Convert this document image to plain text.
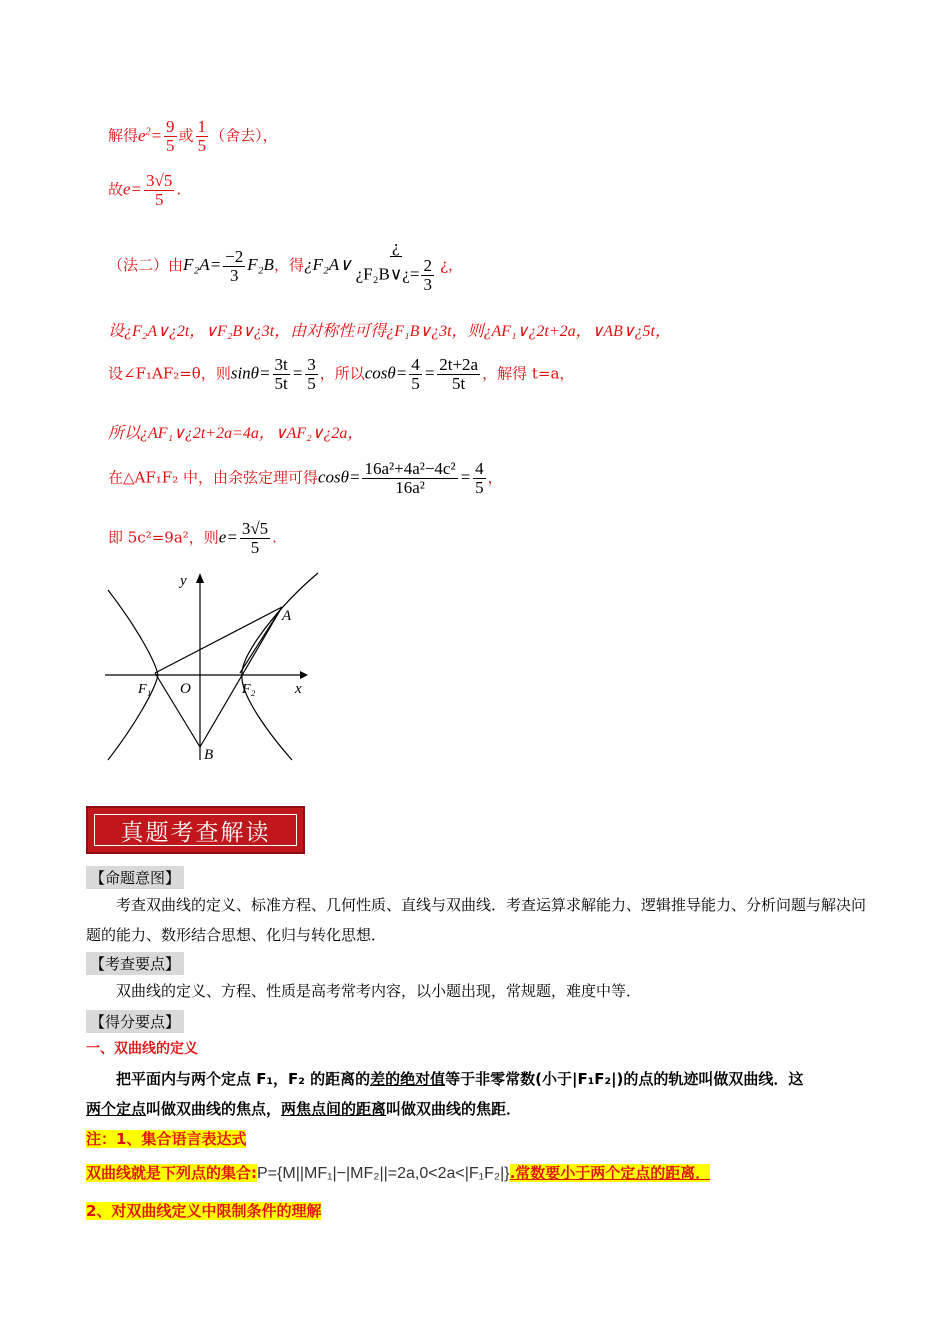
解得$e^2= \frac{9}{5}$ 或 $\frac{1}{5}$ （舍去），
故$e= \frac{3√5}{5}$ .
（法二）由$F_2A= \frac{-2}{3} F_2B$，得¿F₂A∨ $\frac{¿}{¿F_2B\vee¿= \frac{2}{3}}$ ¿，
设¿F₂A∨¿2t，∨F₂B∨¿3t，由对称性可得¿F₁B∨¿3t，则¿AF₁∨¿2t+2a，∨AB∨¿5t，
设∠F₁AF₂=θ，则$\sin\theta= \frac{3t}{5t} = \frac{3}{5}$ ，所以$\cos\theta= \frac{4}{5} = \frac{2t+2a}{5t}$ ，解得 t=a，
所以¿AF₁∨¿2t+2a=4a，∨AF₂∨¿2a，
在△AF₁F₂ 中，由余弦定理可得$\cos\theta= \frac{\text{16a²+4a²−4c²}}{\text{16a²}} = \frac{4}{5}$ ，
即 5c²=9a²，则$e= \frac{3√5}{5}$ .
y
x
A
B
O
F₁	F₂
真题考查解读
【命题意图】
考查双曲线的定义、标准方程、几何性质、直线与双曲线．考查运算求解能力、逻辑推导能力、分析问题与解决问题的能力、数形结合思想、化归与转化思想．
【考查要点】
双曲线的定义、方程、性质是高考常考内容，以小题出现，常规题，难度中等．
【得分要点】
一、双曲线的定义
把平面内与两个定点 F₁，F₂ 的距离的差的绝对值等于非零常数(小于|F₁F₂|)的点的轨迹叫做双曲线．这
两个定点叫做双曲线的焦点，两焦点间的距离叫做双曲线的焦距．
注：1、集合语言表达式
双曲线就是下列点的集合:P={M||MF₁|−|MF₂||=2a,0<2a<|F₁F₂|}.常数要小于两个定点的距离．
2、对双曲线定义中限制条件的理解
